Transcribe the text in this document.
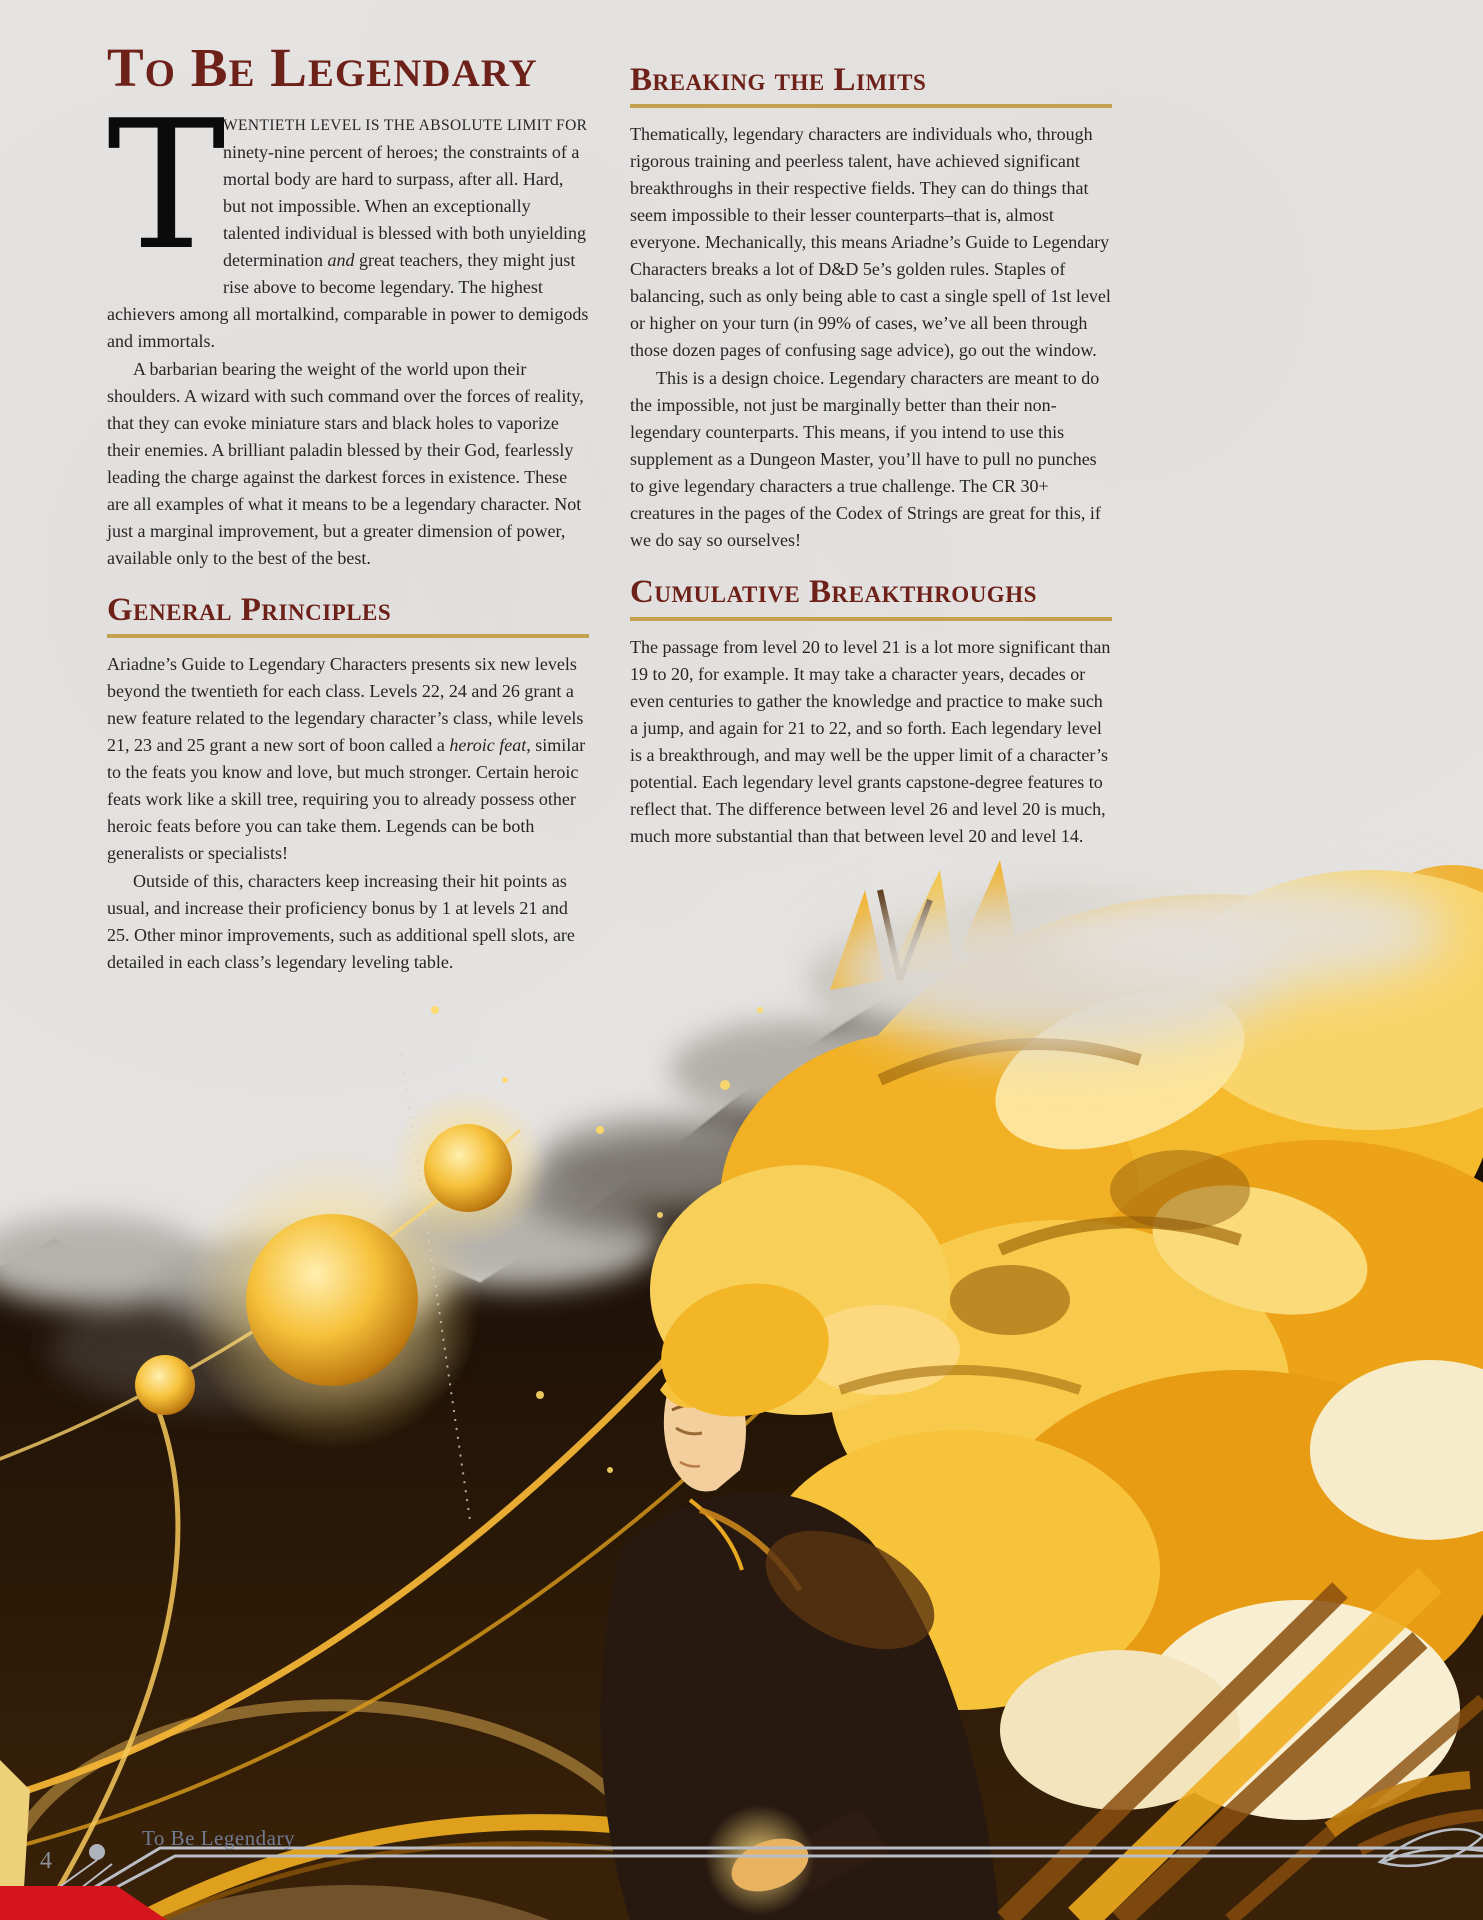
To Be Legendary

T
WENTIETH LEVEL IS THE ABSOLUTE LIMIT FOR ninety-nine percent of heroes; the constraints of a mortal body are hard to surpass, after all. Hard, but not impossible. When an exceptionally talented individual is blessed with both unyielding determination and great teachers, they might just rise above to become legendary. The highest achievers among all mortalkind, comparable in power to demigods and immortals.

A barbarian bearing the weight of the world upon their shoulders. A wizard with such command over the forces of reality, that they can evoke miniature stars and black holes to vaporize their enemies. A brilliant paladin blessed by their God, fearlessly leading the charge against the darkest forces in existence. These are all examples of what it means to be a legendary character. Not just a marginal improvement, but a greater dimension of power, available only to the best of the best.

General Principles

Ariadne’s Guide to Legendary Characters presents six new levels beyond the twentieth for each class. Levels 22, 24 and 26 grant a new feature related to the legendary character’s class, while levels 21, 23 and 25 grant a new sort of boon called a heroic feat, similar to the feats you know and love, but much stronger. Certain heroic feats work like a skill tree, requiring you to already possess other heroic feats before you can take them. Legends can be both generalists or specialists!

Outside of this, characters keep increasing their hit points as usual, and increase their proficiency bonus by 1 at levels 21 and 25. Other minor improvements, such as additional spell slots, are detailed in each class’s legendary leveling table.

Breaking the Limits

Thematically, legendary characters are individuals who, through rigorous training and peerless talent, have achieved significant breakthroughs in their respective fields. They can do things that seem impossible to their lesser counterparts–that is, almost everyone. Mechanically, this means Ariadne’s Guide to Legendary Characters breaks a lot of D&D 5e’s golden rules. Staples of balancing, such as only being able to cast a single spell of 1st level or higher on your turn (in 99% of cases, we’ve all been through those dozen pages of confusing sage advice), go out the window.

This is a design choice. Legendary characters are meant to do the impossible, not just be marginally better than their non-legendary counterparts. This means, if you intend to use this supplement as a Dungeon Master, you’ll have to pull no punches to give legendary characters a true challenge. The CR 30+ creatures in the pages of the Codex of Strings are great for this, if we do say so ourselves!

Cumulative Breakthroughs

The passage from level 20 to level 21 is a lot more significant than 19 to 20, for example. It may take a character years, decades or even centuries to gather the knowledge and practice to make such a jump, and again for 21 to 22, and so forth. Each legendary level is a breakthrough, and may well be the upper limit of a character’s potential. Each legendary level grants capstone-degree features to reflect that. The difference between level 26 and level 20 is much, much more substantial than that between level 20 and level 14.

4
To Be Legendary
